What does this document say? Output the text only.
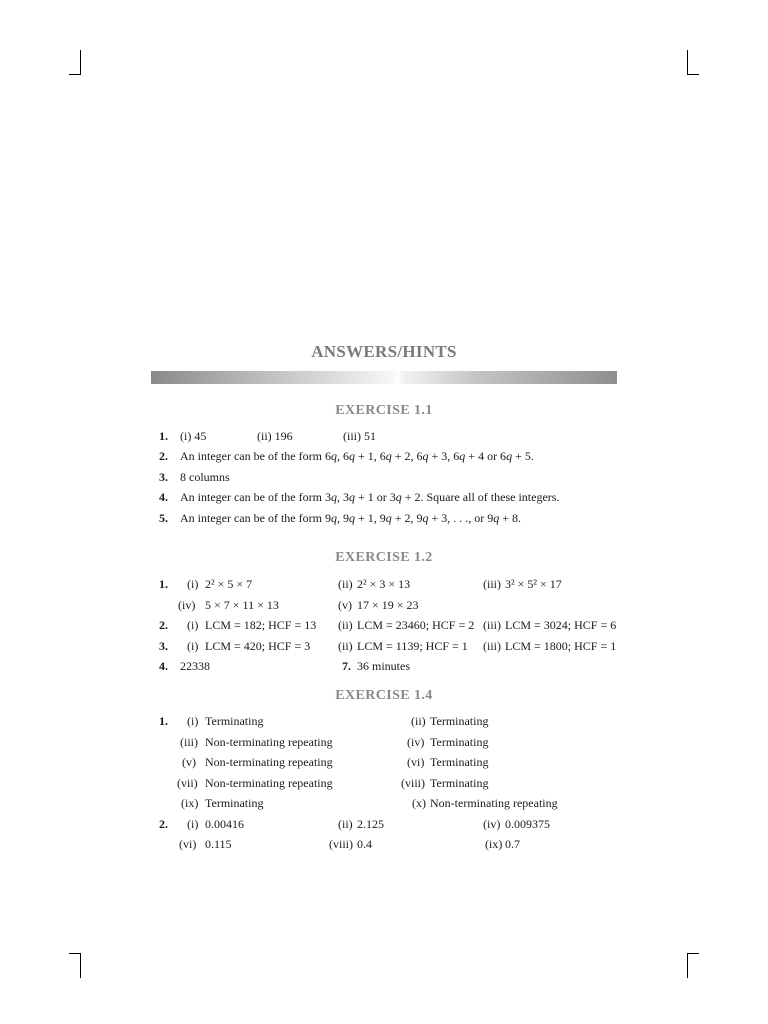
ANSWERS/HINTS
EXERCISE 1.1
1. (i) 45	(ii) 196	(iii) 51
2. An integer can be of the form 6q, 6q + 1, 6q + 2, 6q + 3, 6q + 4 or 6q + 5.
3. 8 columns
4. An integer can be of the form 3q, 3q + 1 or 3q + 2. Square all of these integers.
5. An integer can be of the form 9q, 9q + 1, 9q + 2, 9q + 3, . . ., or 9q + 8.
EXERCISE 1.2
1. (i) 2² × 5 × 7	(ii) 2² × 3 × 13	(iii) 3² × 5² × 17
(iv) 5 × 7 × 11 × 13	(v) 17 × 19 × 23
2. (i) LCM = 182; HCF = 13 (ii) LCM = 23460; HCF = 2 (iii) LCM = 3024; HCF = 6
3. (i) LCM = 420; HCF = 3 (ii) LCM = 1139; HCF = 1 (iii) LCM = 1800; HCF = 1
4. 22338	7. 36 minutes
EXERCISE 1.4
1. (i) Terminating	(ii) Terminating
(iii) Non-terminating repeating	(iv) Terminating
(v) Non-terminating repeating	(vi) Terminating
(vii) Non-terminating repeating	(viii) Terminating
(ix) Terminating	(x) Non-terminating repeating
2. (i) 0.00416	(ii) 2.125	(iv) 0.009375
(vi) 0.115	(viii) 0.4	(ix) 0.7
